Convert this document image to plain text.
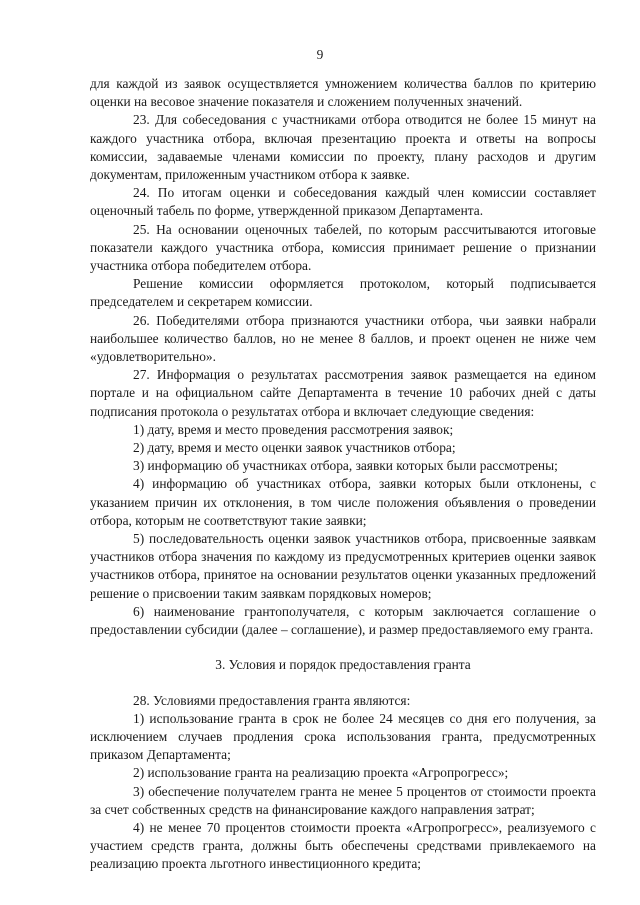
9

для каждой из заявок осуществляется умножением количества баллов по критерию оценки на весовое значение показателя и сложением полученных значений.

23. Для собеседования с участниками отбора отводится не более 15 минут на каждого участника отбора, включая презентацию проекта и ответы на вопросы комиссии, задаваемые членами комиссии по проекту, плану расходов и другим документам, приложенным участником отбора к заявке.

24. По итогам оценки и собеседования каждый член комиссии составляет оценочный табель по форме, утвержденной приказом Департамента.

25. На основании оценочных табелей, по которым рассчитываются итоговые показатели каждого участника отбора, комиссия принимает решение о признании участника отбора победителем отбора.

Решение комиссии оформляется протоколом, который подписывается председателем и секретарем комиссии.

26. Победителями отбора признаются участники отбора, чьи заявки набрали наибольшее количество баллов, но не менее 8 баллов, и проект оценен не ниже чем «удовлетворительно».

27. Информация о результатах рассмотрения заявок размещается на едином портале и на официальном сайте Департамента в течение 10 рабочих дней с даты подписания протокола о результатах отбора и включает следующие сведения:

1) дату, время и место проведения рассмотрения заявок;

2) дату, время и место оценки заявок участников отбора;

3) информацию об участниках отбора, заявки которых были рассмотрены;

4) информацию об участниках отбора, заявки которых были отклонены, с указанием причин их отклонения, в том числе положения объявления о проведении отбора, которым не соответствуют такие заявки;

5) последовательность оценки заявок участников отбора, присвоенные заявкам участников отбора значения по каждому из предусмотренных критериев оценки заявок участников отбора, принятое на основании результатов оценки указанных предложений решение о присвоении таким заявкам порядковых номеров;

6) наименование грантополучателя, с которым заключается соглашение о предоставлении субсидии (далее – соглашение), и размер предоставляемого ему гранта.

3. Условия и порядок предоставления гранта

28. Условиями предоставления гранта являются:

1) использование гранта в срок не более 24 месяцев со дня его получения, за исключением случаев продления срока использования гранта, предусмотренных приказом Департамента;

2) использование гранта на реализацию проекта «Агропрогресс»;

3) обеспечение получателем гранта не менее 5 процентов от стоимости проекта за счет собственных средств на финансирование каждого направления затрат;

4) не менее 70 процентов стоимости проекта «Агропрогресс», реализуемого с участием средств гранта, должны быть обеспечены средствами привлекаемого на реализацию проекта льготного инвестиционного кредита;
